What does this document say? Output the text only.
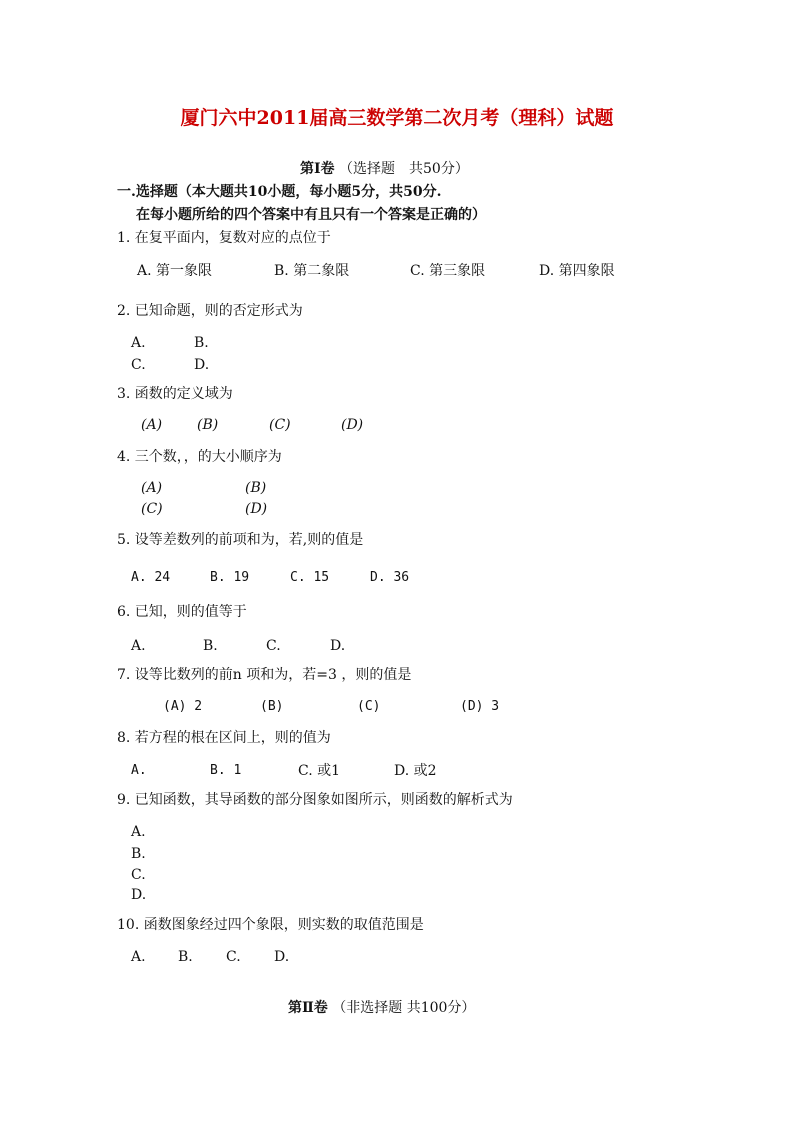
厦门六中2011届高三数学第二次月考（理科）试题
第Ⅰ卷 （选择题　共50分）
一.选择题（本大题共10小题，每小题5分，共50分.
在每小题所给的四个答案中有且只有一个答案是正确的）
1. 在复平面内，复数对应的点位于
A. 第一象限	B. 第二象限	C. 第三象限	D. 第四象限
2. 已知命题，则的否定形式为
A.	B.
C.	D.
3. 函数的定义域为
(A) (B)	(C)	(D)
4. 三个数，，的大小顺序为
(A)	(B)
(C)	(D)
5. 设等差数列的前项和为，若,则的值是
A. 24	B. 19	C. 15	D. 36
6. 已知，则的值等于
A.	B.	C.	D.
7. 设等比数列的前n 项和为，若=3 ，则的值是
(A) 2	(B)	(C)	(D) 3
8. 若方程的根在区间上，则的值为
A.	B. 1	C. 或1	D. 或2
9. 已知函数，其导函数的部分图象如图所示，则函数的解析式为
A.
B.
C.
D.
10. 函数图象经过四个象限，则实数的取值范围是
A. B. C. D.
第Ⅱ卷 （非选择题 共100分）
